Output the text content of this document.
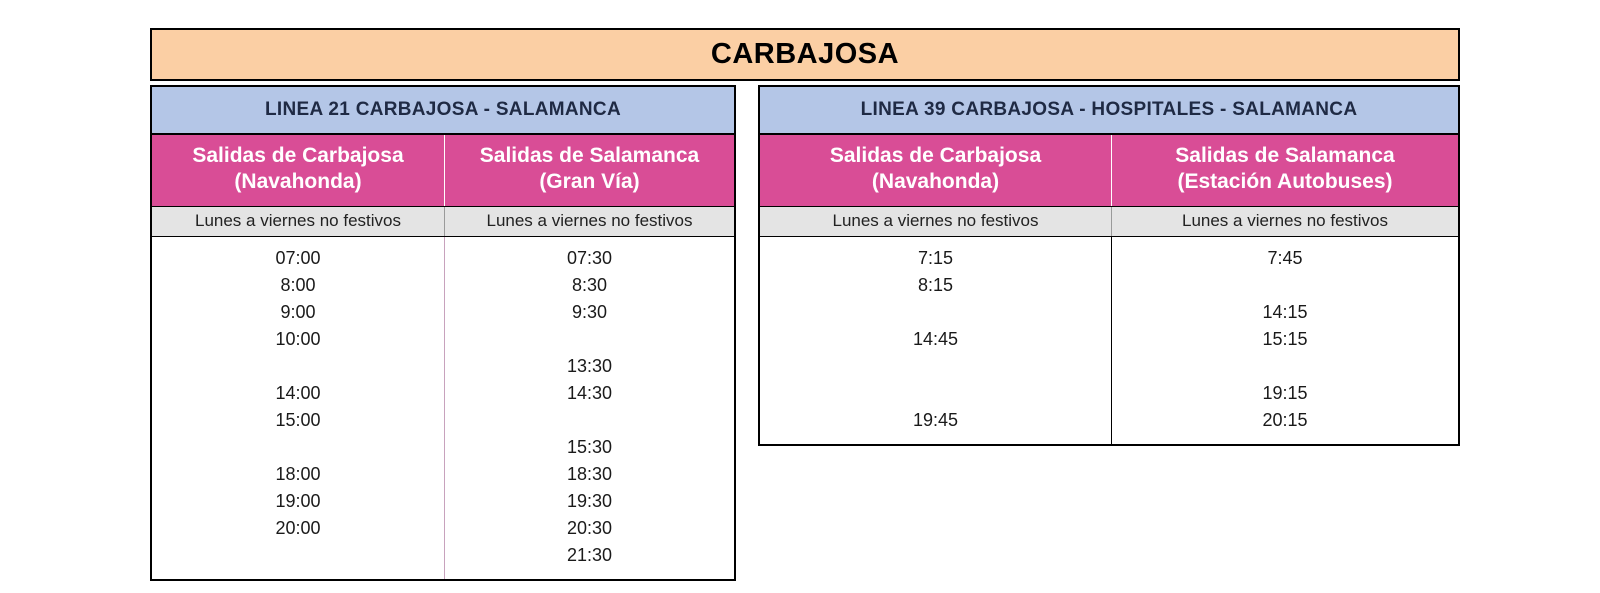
CARBAJOSA
LINEA 21 CARBAJOSA - SALAMANCA
Salidas de Carbajosa
(Navahonda)
Salidas de Salamanca
(Gran Vía)
Lunes a viernes no festivos	Lunes a viernes no festivos
07:00
8:00
9:00
10:00
14:00
15:00
18:00
19:00
20:00
07:30
8:30
9:30
13:30
14:30
15:30
18:30
19:30
20:30
21:30
LINEA 39 CARBAJOSA - HOSPITALES - SALAMANCA
Salidas de Carbajosa
(Navahonda)
Salidas de Salamanca
(Estación Autobuses)
Lunes a viernes no festivos	Lunes a viernes no festivos
7:15
8:15
14:45
19:45
7:45
14:15
15:15
19:15
20:15
